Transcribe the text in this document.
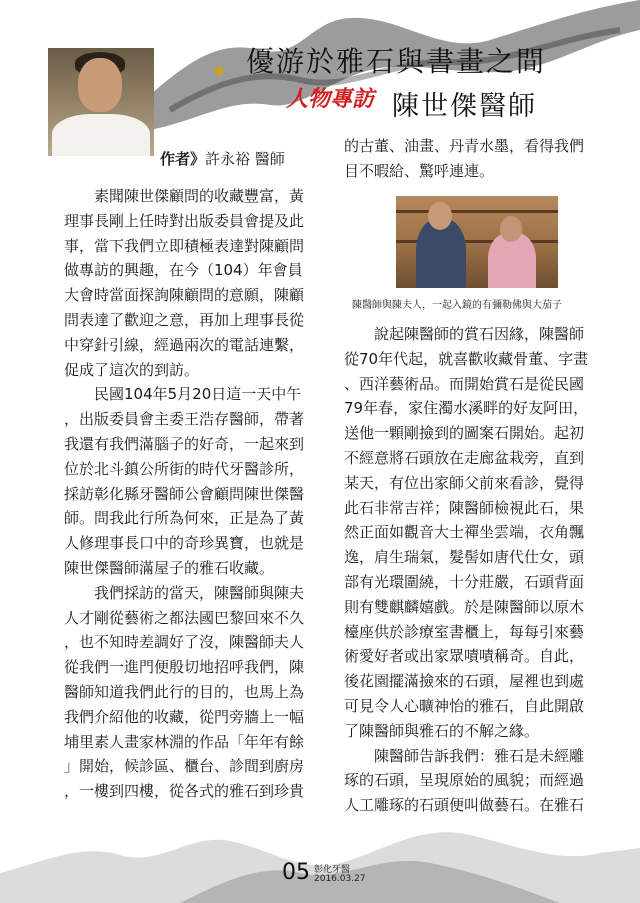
✦ 優游於雅石與書畫之間
人物專訪 陳世傑醫師
作者》許永裕 醫師

　　素聞陳世傑顧問的收藏豐富，黃

理事長剛上任時對出版委員會提及此

事，當下我們立即積極表達對陳顧問

做專訪的興趣，在今（104）年會員

大會時當面探詢陳顧問的意願，陳顧

問表達了歡迎之意，再加上理事長從

中穿針引線，經過兩次的電話連繫，

促成了這次的到訪。

　　民國104年5月20日這一天中午

，出版委員會主委王浩存醫師，帶著

我還有我們滿腦子的好奇，一起來到

位於北斗鎮公所街的時代牙醫診所，

採訪彰化縣牙醫師公會顧問陳世傑醫

師。問我此行所為何來，正是為了黃

人修理事長口中的奇珍異寶，也就是

陳世傑醫師滿屋子的雅石收藏。

　　我們採訪的當天，陳醫師與陳夫

人才剛從藝術之都法國巴黎回來不久

，也不知時差調好了沒，陳醫師夫人

從我們一進門便殷切地招呼我們，陳

醫師知道我們此行的目的，也馬上為

我們介紹他的收藏，從門旁牆上一幅

埔里素人畫家林淵的作品「年年有餘

」開始，候診區、櫃台、診間到廚房

，一樓到四樓，從各式的雅石到珍貴

的古董、油畫、丹青水墨，看得我們

目不暇給、驚呼連連。

陳醫師與陳夫人，一起入鏡的有彌勒佛與大茄子

　　說起陳醫師的賞石因緣，陳醫師

從70年代起，就喜歡收藏骨董、字畫

、西洋藝術品。而開始賞石是從民國

79年春，家住濁水溪畔的好友阿田，

送他一顆剛撿到的圖案石開始。起初

不經意將石頭放在走廊盆栽旁，直到

某天，有位出家師父前來看診，覺得

此石非常吉祥；陳醫師檢視此石，果

然正面如觀音大士禪坐雲端，衣角飄

逸，肩生瑞氣，髮髻如唐代仕女，頭

部有光環圍繞，十分莊嚴，石頭背面

則有雙麒麟嬉戲。於是陳醫師以原木

檯座供於診療室書櫃上，每每引來藝

術愛好者或出家眾嘖嘖稱奇。自此，

後花園擺滿撿來的石頭，屋裡也到處

可見令人心曠神怡的雅石，自此開啟

了陳醫師與雅石的不解之緣。

　　陳醫師告訴我們：雅石是未經雕

琢的石頭，呈現原始的風貌；而經過

人工雕琢的石頭便叫做藝石。在雅石

05 彰化牙醫
2016.03.27
